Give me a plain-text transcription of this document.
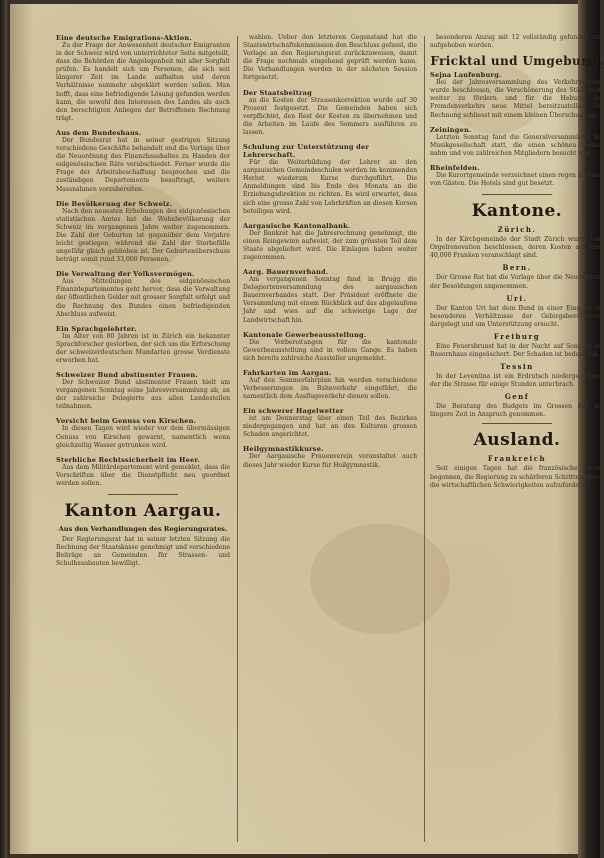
Eine deutsche Emigrations-Aktion.
Zu der Frage der Anwesenheit deutscher Emigranten in der Schweiz wird von unterrichteter Seite mitgeteilt, dass die Behörden die Angelegenheit mit aller Sorgfalt prüfen. Es handelt sich um Personen, die sich seit längerer Zeit im Lande aufhalten und deren Verhältnisse nunmehr abgeklärt werden sollen. Man hofft, dass eine befriedigende Lösung gefunden werden kann, die sowohl den Interessen des Landes als auch den berechtigten Anliegen der Betroffenen Rechnung trägt.
Aus dem Bundeshaus.
Der Bundesrat hat in seiner gestrigen Sitzung verschiedene Geschäfte behandelt und die Vorlage über die Neuordnung des Finanzhaushaltes zu Handen der eidgenössischen Räte verabschiedet. Ferner wurde die Frage der Arbeitsbeschaffung besprochen und die zuständigen Departemente beauftragt, weitere Massnahmen vorzubereiten.
Die Bevölkerung der Schweiz.
Nach den neuesten Erhebungen des eidgenössischen statistischen Amtes hat die Wohnbevölkerung der Schweiz im vergangenen Jahre weiter zugenommen. Die Zahl der Geburten ist gegenüber dem Vorjahre leicht gestiegen, während die Zahl der Sterbefälle ungefähr gleich geblieben ist. Der Geburtenüberschuss beträgt somit rund 33,000 Personen.
Die Verwaltung der Volksvermögen.
Aus Mitteilungen des eidgenössischen Finanzdepartementes geht hervor, dass die Verwaltung der öffentlichen Gelder mit grosser Sorgfalt erfolgt und die Rechnung des Bundes einen befriedigenden Abschluss aufweist.
Ein Sprachgelehrter.
Im Alter von 80 Jahren ist in Zürich ein bekannter Sprachforscher gestorben, der sich um die Erforschung der schweizerdeutschen Mundarten grosse Verdienste erworben hat.
Schweizer Bund abstinenter Frauen.
Der Schweizer Bund abstinenter Frauen hielt am vergangenen Sonntag seine Jahresversammlung ab, an der zahlreiche Delegierte aus allen Landesteilen teilnahmen.
Vorsicht beim Genuss von Kirschen.
In diesen Tagen wird wieder vor dem übermässigen Genuss von Kirschen gewarnt, namentlich wenn gleichzeitig Wasser getrunken wird.
Sterbliche Rechtssicherheit im Heer.
Aus dem Militärdepartement wird gemeldet, dass die Vorschriften über die Dienstpflicht neu geordnet werden sollen.
Kanton Aargau.
Aus den Verhandlungen des Regierungsrates.
Der Regierungsrat hat in seiner letzten Sitzung die Rechnung der Staatskasse genehmigt und verschiedene Beiträge an Gemeinden für Strassen- und Schulhausbauten bewilligt.
wahlen. Ueber den letzteren Gegenstand hat die Staatswirtschaftskommission den Beschluss gefasst, die Vorlage an den Regierungsrat zurückzuweisen, damit die Frage nochmals eingehend geprüft werden kann. Die Verhandlungen werden in der nächsten Session fortgesetzt.
Der Staatsbeitrag
an die Kosten der Strassenkorrektion wurde auf 30 Prozent festgesetzt. Die Gemeinden haben sich verpflichtet, den Rest der Kosten zu übernehmen und die Arbeiten im Laufe des Sommers ausführen zu lassen.
Schulung zur Unterstützung der Lehrerschaft.
Für die Weiterbildung der Lehrer an den aargauischen Gemeindeschulen werden im kommenden Herbst wiederum Kurse durchgeführt. Die Anmeldungen sind bis Ende des Monats an die Erziehungsdirektion zu richten. Es wird erwartet, dass sich eine grosse Zahl von Lehrkräften an diesen Kursen beteiligen wird.
Aargauische Kantonalbank.
Der Bankrat hat die Jahresrechnung genehmigt, die einen Reingewinn aufweist, der zum grössten Teil dem Staate abgeliefert wird. Die Einlagen haben weiter zugenommen.
Aarg. Bauernverband.
Am vergangenen Sonntag fand in Brugg die Delegiertenversammlung des aargauischen Bauernverbandes statt. Der Präsident eröffnete die Versammlung mit einem Rückblick auf das abgelaufene Jahr und wies auf die schwierige Lage der Landwirtschaft hin.
Kantonale Gewerbeausstellung.
Die Vorbereitungen für die kantonale Gewerbeausstellung sind in vollem Gange. Es haben sich bereits zahlreiche Aussteller angemeldet.
Fahrkarten im Aargau.
Auf den Sommerfahrplan hin werden verschiedene Verbesserungen im Bahnverkehr eingeführt, die namentlich dem Ausflugsverkehr dienen sollen.
Ein schwerer Hagelwetter
ist am Donnerstag über einen Teil des Bezirkes niedergegangen und hat an den Kulturen grossen Schaden angerichtet.
Heilgymnastikkurse.
Der Aargauische Frauenverein veranstaltet auch dieses Jahr wieder Kurse für Heilgymnastik.
besonderen Anzug mit 12 vollständig gefunden und aufgehoben worden.
Fricktal und Umgebung.
Sejna Laufenburg.
Bei der Jahresversammlung des Verkehrsvereins wurde beschlossen, die Verschönerung des Städtchens weiter zu fördern und für die Hebung des Fremdenverkehrs neue Mittel bereitzustellen. Die Rechnung schliesst mit einem kleinen Überschuss ab.
Zeiningen.
Letzten Sonntag fand die Generalversammlung der Musikgesellschaft statt, die einen schönen Verlauf nahm und von zahlreichen Mitgliedern besucht war.
Rheinfelden.
Die Kurortgemeinde verzeichnet einen regen Zustrom von Gästen. Die Hotels sind gut besetzt.
Kantone.
Zürich.
In der Kirchgemeinde der Stadt Zürich wurde eine Orgelrenovation beschlossen, deren Kosten auf rund 40,000 Franken veranschlagt sind.
Bern.
Der Grosse Rat hat die Vorlage über die Neuordnung der Besoldungen angenommen.
Uri.
Der Kanton Uri hat dem Bund in einer Eingabe die besonderen Verhältnisse der Gebirgsbevölkerung dargelegt und um Unterstützung ersucht.
Freiburg
Eine Feuersbrunst hat in der Nacht auf Sonntag ein Bauernhaus eingeäschert. Der Schaden ist bedeutend.
Tessin
In der Leventina ist ein Erdrutsch niedergegangen, der die Strasse für einige Stunden unterbrach.
Genf
Die Beratung des Budgets im Grossen Rat hat längere Zeit in Anspruch genommen.
Ausland.
Frankreich
Seit einigen Tagen hat die französische Presse begonnen, die Regierung zu schärferen Schritten gegen die wirtschaftlichen Schwierigkeiten aufzufordern.
